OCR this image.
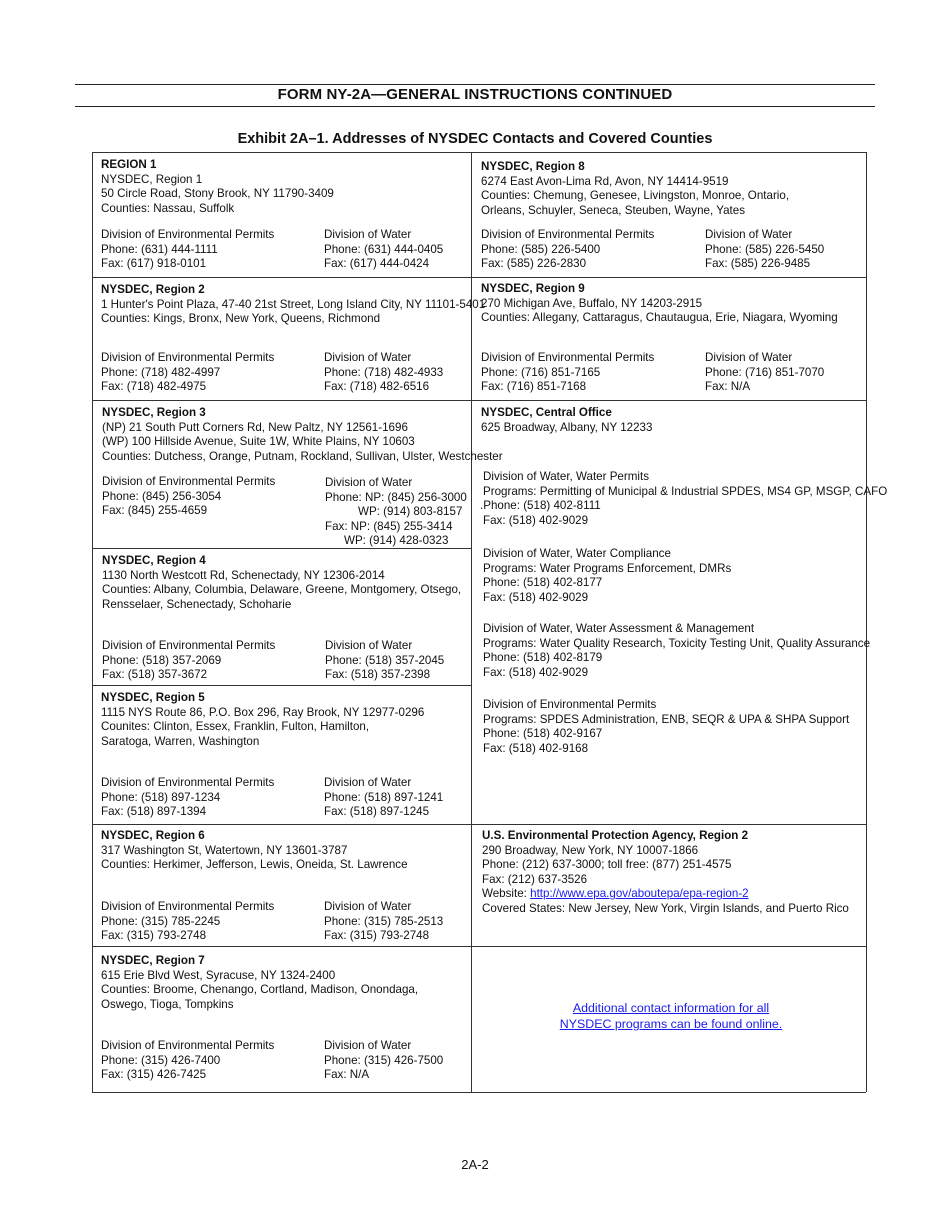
FORM NY-2A—GENERAL INSTRUCTIONS CONTINUED
Exhibit 2A–1. Addresses of NYSDEC Contacts and Covered Counties
REGION 1
NYSDEC, Region 1
50 Circle Road, Stony Brook, NY 11790-3409
Counties: Nassau, Suffolk
Division of Environmental Permits
Phone: (631) 444-1111
Fax: (617) 918-0101
Division of Water
Phone: (631) 444-0405
Fax: (617) 444-0424
NYSDEC, Region 2
1 Hunter's Point Plaza, 47-40 21st Street, Long Island City, NY 11101-5401
Counties: Kings, Bronx, New York, Queens, Richmond
Division of Environmental Permits
Phone: (718) 482-4997
Fax: (718) 482-4975
Division of Water
Phone: (718) 482-4933
Fax: (718) 482-6516
NYSDEC, Region 3
(NP) 21 South Putt Corners Rd, New Paltz, NY 12561-1696
(WP) 100 Hillside Avenue, Suite 1W, White Plains, NY 10603
Counties: Dutchess, Orange, Putnam, Rockland, Sullivan, Ulster, Westchester
Division of Environmental Permits
Phone: (845) 256-3054
Fax: (845) 255-4659
Division of Water
Phone: NP: (845) 256-3000
WP: (914) 803-8157
Fax: NP: (845) 255-3414
WP: (914) 428-0323
NYSDEC, Region 4
1130 North Westcott Rd, Schenectady, NY 12306-2014
Counties: Albany, Columbia, Delaware, Greene, Montgomery, Otsego,
Rensselaer, Schenectady, Schoharie
Division of Environmental Permits
Phone: (518) 357-2069
Fax: (518) 357-3672
Division of Water
Phone: (518) 357-2045
Fax: (518) 357-2398
NYSDEC, Region 5
1115 NYS Route 86, P.O. Box 296, Ray Brook, NY 12977-0296
Counites: Clinton, Essex, Franklin, Fulton, Hamilton,
Saratoga, Warren, Washington
Division of Environmental Permits
Phone: (518) 897-1234
Fax: (518) 897-1394
Division of Water
Phone: (518) 897-1241
Fax: (518) 897-1245
NYSDEC, Region 6
317 Washington St, Watertown, NY 13601-3787
Counties: Herkimer, Jefferson, Lewis, Oneida, St. Lawrence
Division of Environmental Permits
Phone: (315) 785-2245
Fax: (315) 793-2748
Division of Water
Phone: (315) 785-2513
Fax: (315) 793-2748
NYSDEC, Region 7
615 Erie Blvd West, Syracuse, NY 1324-2400
Counties: Broome, Chenango, Cortland, Madison, Onondaga,
Oswego, Tioga, Tompkins
Division of Environmental Permits
Phone: (315) 426-7400
Fax: (315) 426-7425
Division of Water
Phone: (315) 426-7500
Fax: N/A
NYSDEC, Region 8
6274 East Avon-Lima Rd, Avon, NY 14414-9519
Counties: Chemung, Genesee, Livingston, Monroe, Ontario,
Orleans, Schuyler, Seneca, Steuben, Wayne, Yates
Division of Environmental Permits
Phone: (585) 226-5400
Fax: (585) 226-2830
Division of Water
Phone: (585) 226-5450
Fax: (585) 226-9485
NYSDEC, Region 9
270 Michigan Ave, Buffalo, NY 14203-2915
Counties: Allegany, Cattaragus, Chautaugua, Erie, Niagara, Wyoming
Division of Environmental Permits
Phone: (716) 851-7165
Fax: (716) 851-7168
Division of Water
Phone: (716) 851-7070
Fax: N/A
NYSDEC, Central Office
625 Broadway, Albany, NY 12233
Division of Water, Water Permits
Programs: Permitting of Municipal & Industrial SPDES, MS4 GP, MSGP, CAFO
.Phone: (518) 402-8111
Fax: (518) 402-9029
Division of Water, Water Compliance
Programs: Water Programs Enforcement, DMRs
Phone: (518) 402-8177
Fax: (518) 402-9029
Division of Water, Water Assessment & Management
Programs: Water Quality Research, Toxicity Testing Unit, Quality Assurance
Phone: (518) 402-8179
Fax: (518) 402-9029
Division of Environmental Permits
Programs: SPDES Administration, ENB, SEQR & UPA & SHPA Support
Phone: (518) 402-9167
Fax: (518) 402-9168
U.S. Environmental Protection Agency, Region 2
290 Broadway, New York, NY 10007-1866
Phone: (212) 637-3000; toll free: (877) 251-4575
Fax: (212) 637-3526
Website: http://www.epa.gov/aboutepa/epa-region-2
Covered States: New Jersey, New York, Virgin Islands, and Puerto Rico
Additional contact information for all
NYSDEC programs can be found online.
2A-2
